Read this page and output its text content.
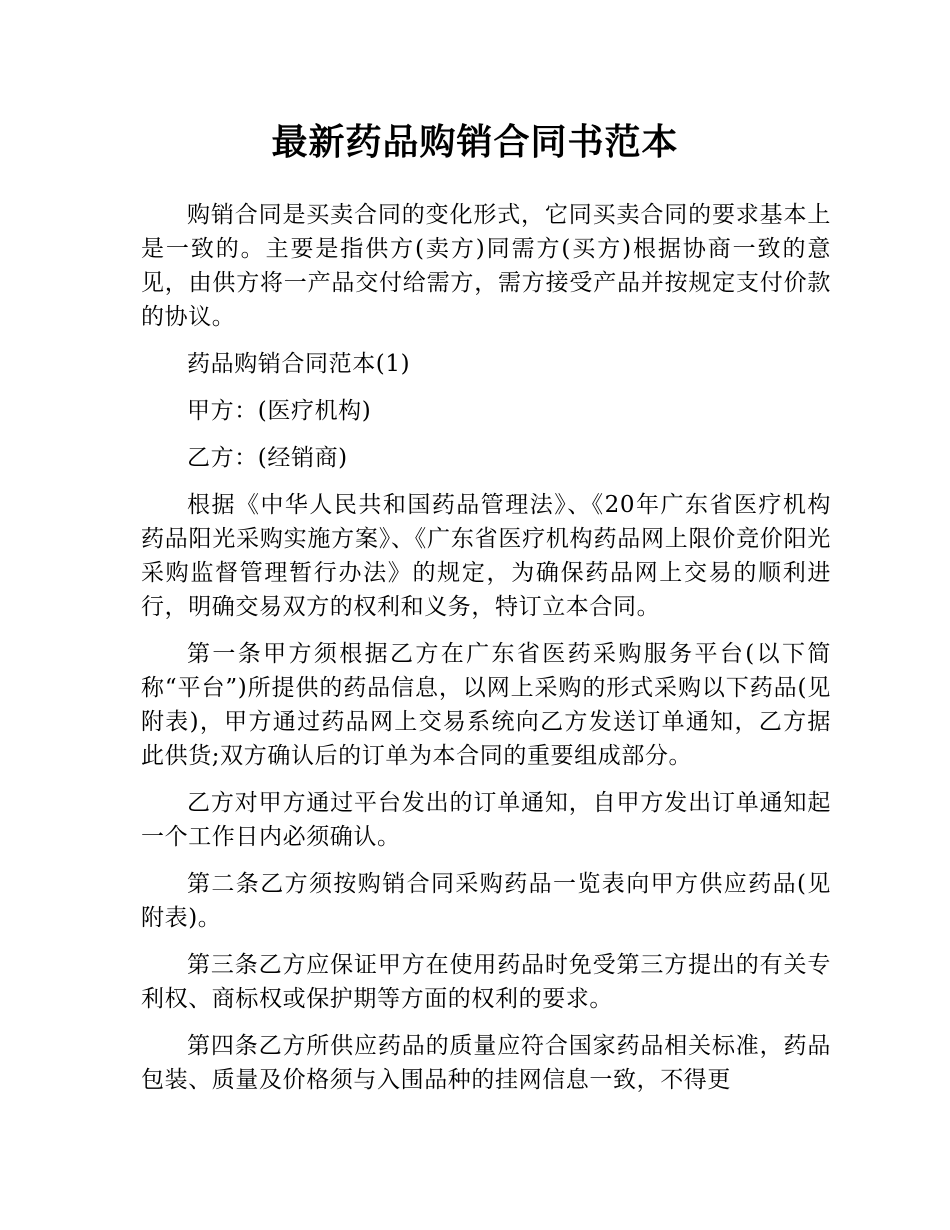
最新药品购销合同书范本

购销合同是买卖合同的变化形式，它同买卖合同的要求基本上是一致的。主要是指供方(卖方)同需方(买方)根据协商一致的意见，由供方将一产品交付给需方，需方接受产品并按规定支付价款的协议。

药品购销合同范本(1)

甲方：(医疗机构)

乙方：(经销商)

根据《中华人民共和国药品管理法》、《20年广东省医疗机构药品阳光采购实施方案》、《广东省医疗机构药品网上限价竞价阳光采购监督管理暂行办法》的规定，为确保药品网上交易的顺利进行，明确交易双方的权利和义务，特订立本合同。

第一条甲方须根据乙方在广东省医药采购服务平台(以下简称“平台”)所提供的药品信息，以网上采购的形式采购以下药品(见附表)，甲方通过药品网上交易系统向乙方发送订单通知，乙方据此供货;双方确认后的订单为本合同的重要组成部分。

乙方对甲方通过平台发出的订单通知，自甲方发出订单通知起一个工作日内必须确认。

第二条乙方须按购销合同采购药品一览表向甲方供应药品(见附表)。

第三条乙方应保证甲方在使用药品时免受第三方提出的有关专利权、商标权或保护期等方面的权利的要求。

第四条乙方所供应药品的质量应符合国家药品相关标准，药品包装、质量及价格须与入围品种的挂网信息一致，不得更
